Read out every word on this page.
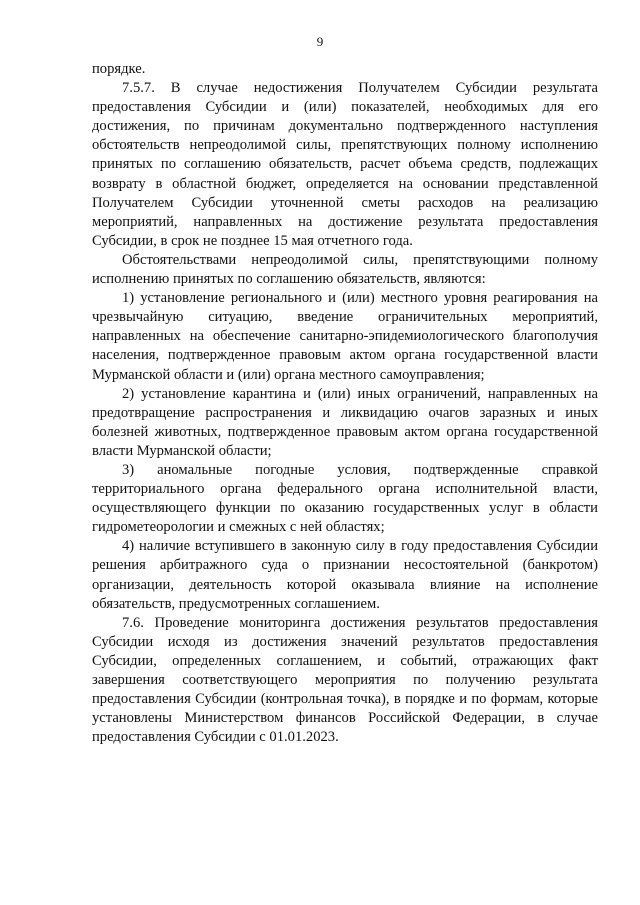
9

порядке.

7.5.7. В случае недостижения Получателем Субсидии результата предоставления Субсидии и (или) показателей, необходимых для его достижения, по причинам документально подтвержденного наступления обстоятельств непреодолимой силы, препятствующих полному исполнению принятых по соглашению обязательств, расчет объема средств, подлежащих возврату в областной бюджет, определяется на основании представленной Получателем Субсидии уточненной сметы расходов на реализацию мероприятий, направленных на достижение результата предоставления Субсидии, в срок не позднее 15 мая отчетного года.

Обстоятельствами непреодолимой силы, препятствующими полному исполнению принятых по соглашению обязательств, являются:

1) установление регионального и (или) местного уровня реагирования на чрезвычайную ситуацию, введение ограничительных мероприятий, направленных на обеспечение санитарно-эпидемиологического благополучия населения, подтвержденное правовым актом органа государственной власти Мурманской области и (или) органа местного самоуправления;

2) установление карантина и (или) иных ограничений, направленных на предотвращение распространения и ликвидацию очагов заразных и иных болезней животных, подтвержденное правовым актом органа государственной власти Мурманской области;

3) аномальные погодные условия, подтвержденные справкой территориального органа федерального органа исполнительной власти, осуществляющего функции по оказанию государственных услуг в области гидрометеорологии и смежных с ней областях;

4) наличие вступившего в законную силу в году предоставления Субсидии решения арбитражного суда о признании несостоятельной (банкротом) организации, деятельность которой оказывала влияние на исполнение обязательств, предусмотренных соглашением.

7.6. Проведение мониторинга достижения результатов предоставления Субсидии исходя из достижения значений результатов предоставления Субсидии, определенных соглашением, и событий, отражающих факт завершения соответствующего мероприятия по получению результата предоставления Субсидии (контрольная точка), в порядке и по формам, которые установлены Министерством финансов Российской Федерации, в случае предоставления Субсидии с 01.01.2023.
